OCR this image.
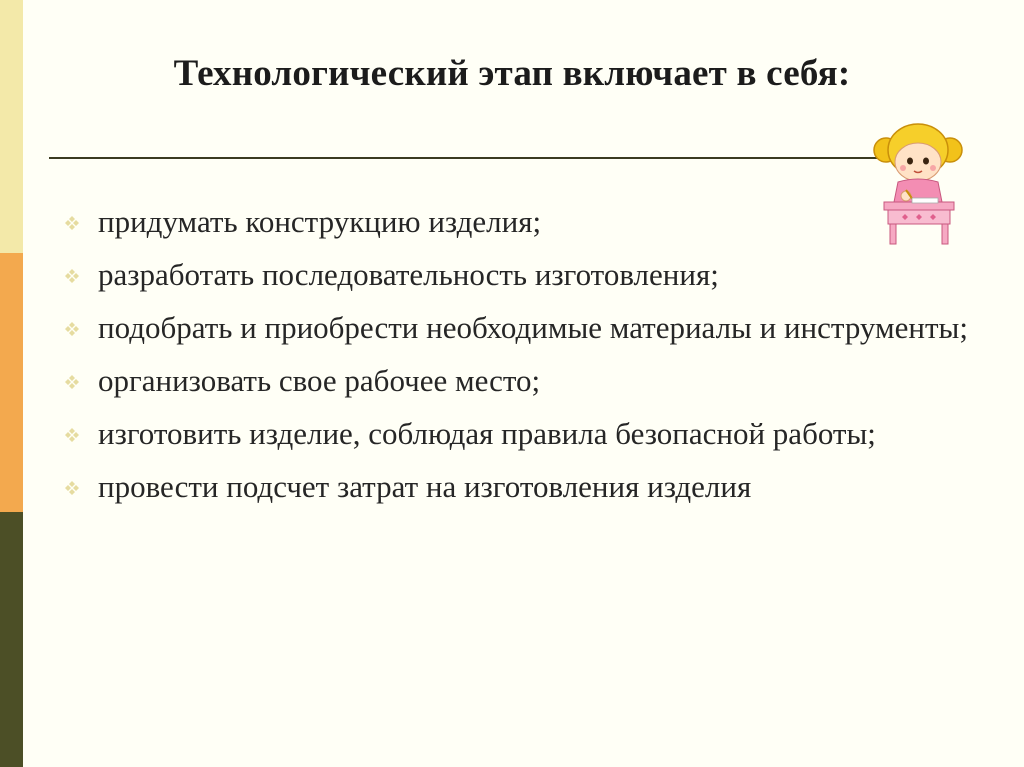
Технологический этап включает в себя:
придумать конструкцию изделия;
разработать последовательность изготовления;
подобрать и приобрести необходимые материалы и инструменты;
организовать свое рабочее место;
изготовить изделие, соблюдая правила безопасной работы;
провести подсчет затрат на изготовления изделия
